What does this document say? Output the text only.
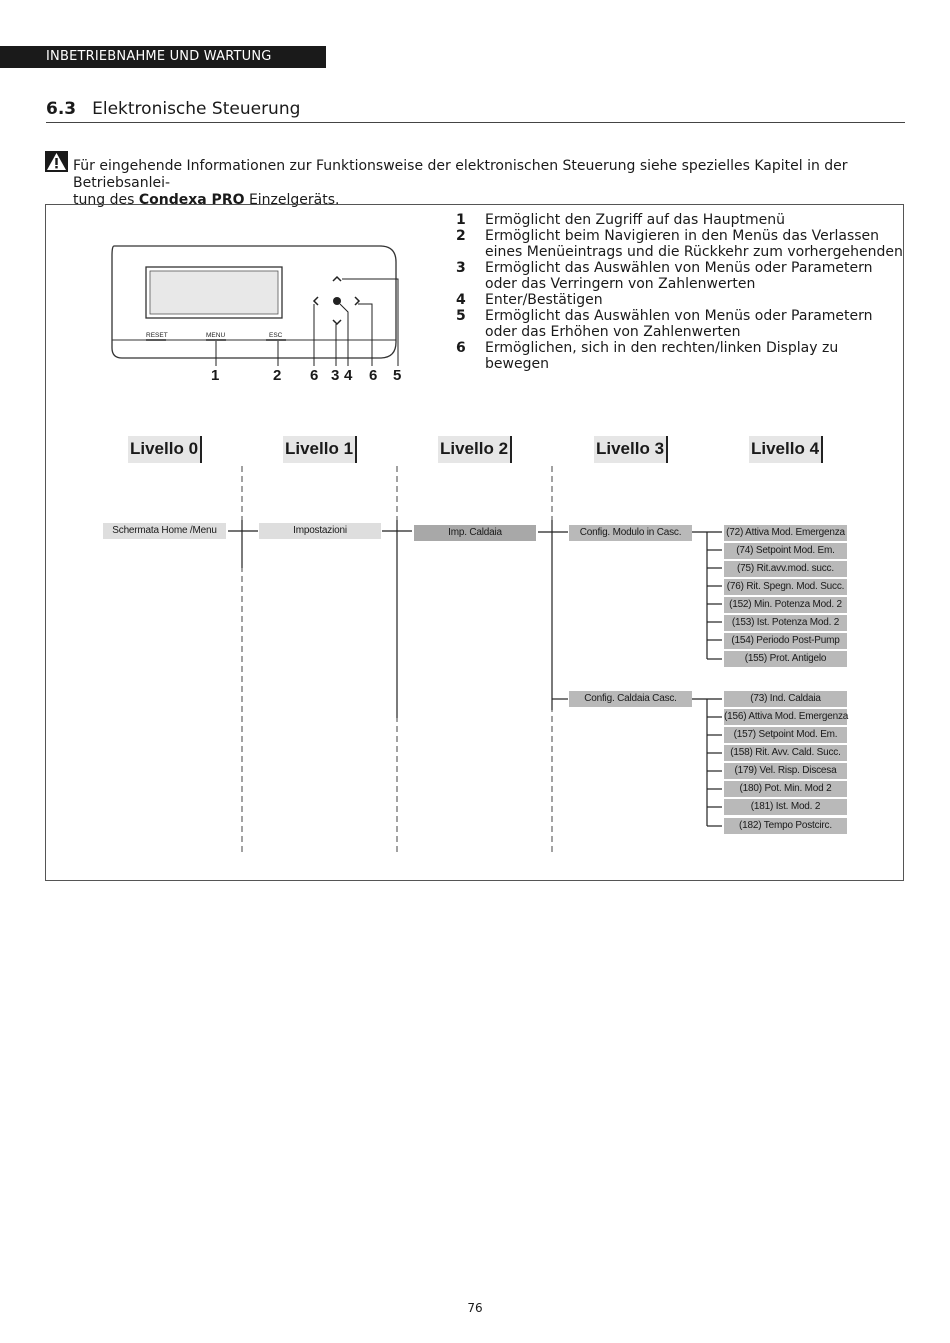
INBETRIEBNAHME UND WARTUNG
6.3 Elektronische Steuerung
Für eingehende Informationen zur Funktionsweise der elektronischen Steuerung siehe spezielles Kapitel in der Betriebsanlei-
tung des Condexa PRO Einzelgeräts.
1	Ermöglicht den Zugriff auf das Hauptmenü
2	Ermöglicht beim Navigieren in den Menüs das Verlassen eines Menüeintrags und die Rückkehr zum vorhergehenden
3	Ermöglicht das Auswählen von Menüs oder Parametern oder das Verringern von Zahlenwerten
4	Enter/Bestätigen
5	Ermöglicht das Auswählen von Menüs oder Parametern oder das Erhöhen von Zahlenwerten
6	Ermöglichen, sich in den rechten/linken Display zu bewegen
RESET	MENU	ESC
1	2 6 3 4 6 5
Livello 0	Livello 1	Livello 2	Livello 3	Livello 4
Schermata Home /Menu	Impostazioni	Imp. Caldaia	Config. Modulo in Casc.
Config. Caldaia Casc.
(72) Attiva Mod. Emergenza
(74) Setpoint Mod. Em.
(75) Rit.avv.mod. succ.
(76) Rit. Spegn. Mod. Succ.
(152) Min. Potenza Mod. 2
(153) Ist. Potenza Mod. 2
(154) Periodo Post-Pump
(155) Prot. Antigelo
(73) Ind. Caldaia
(156) Attiva Mod. Emergenza
(157) Setpoint Mod. Em.
(158) Rit. Avv. Cald. Succ.
(179) Vel. Risp. Discesa
(180) Pot. Min. Mod 2
(181) Ist. Mod. 2
(182) Tempo Postcirc.
76
